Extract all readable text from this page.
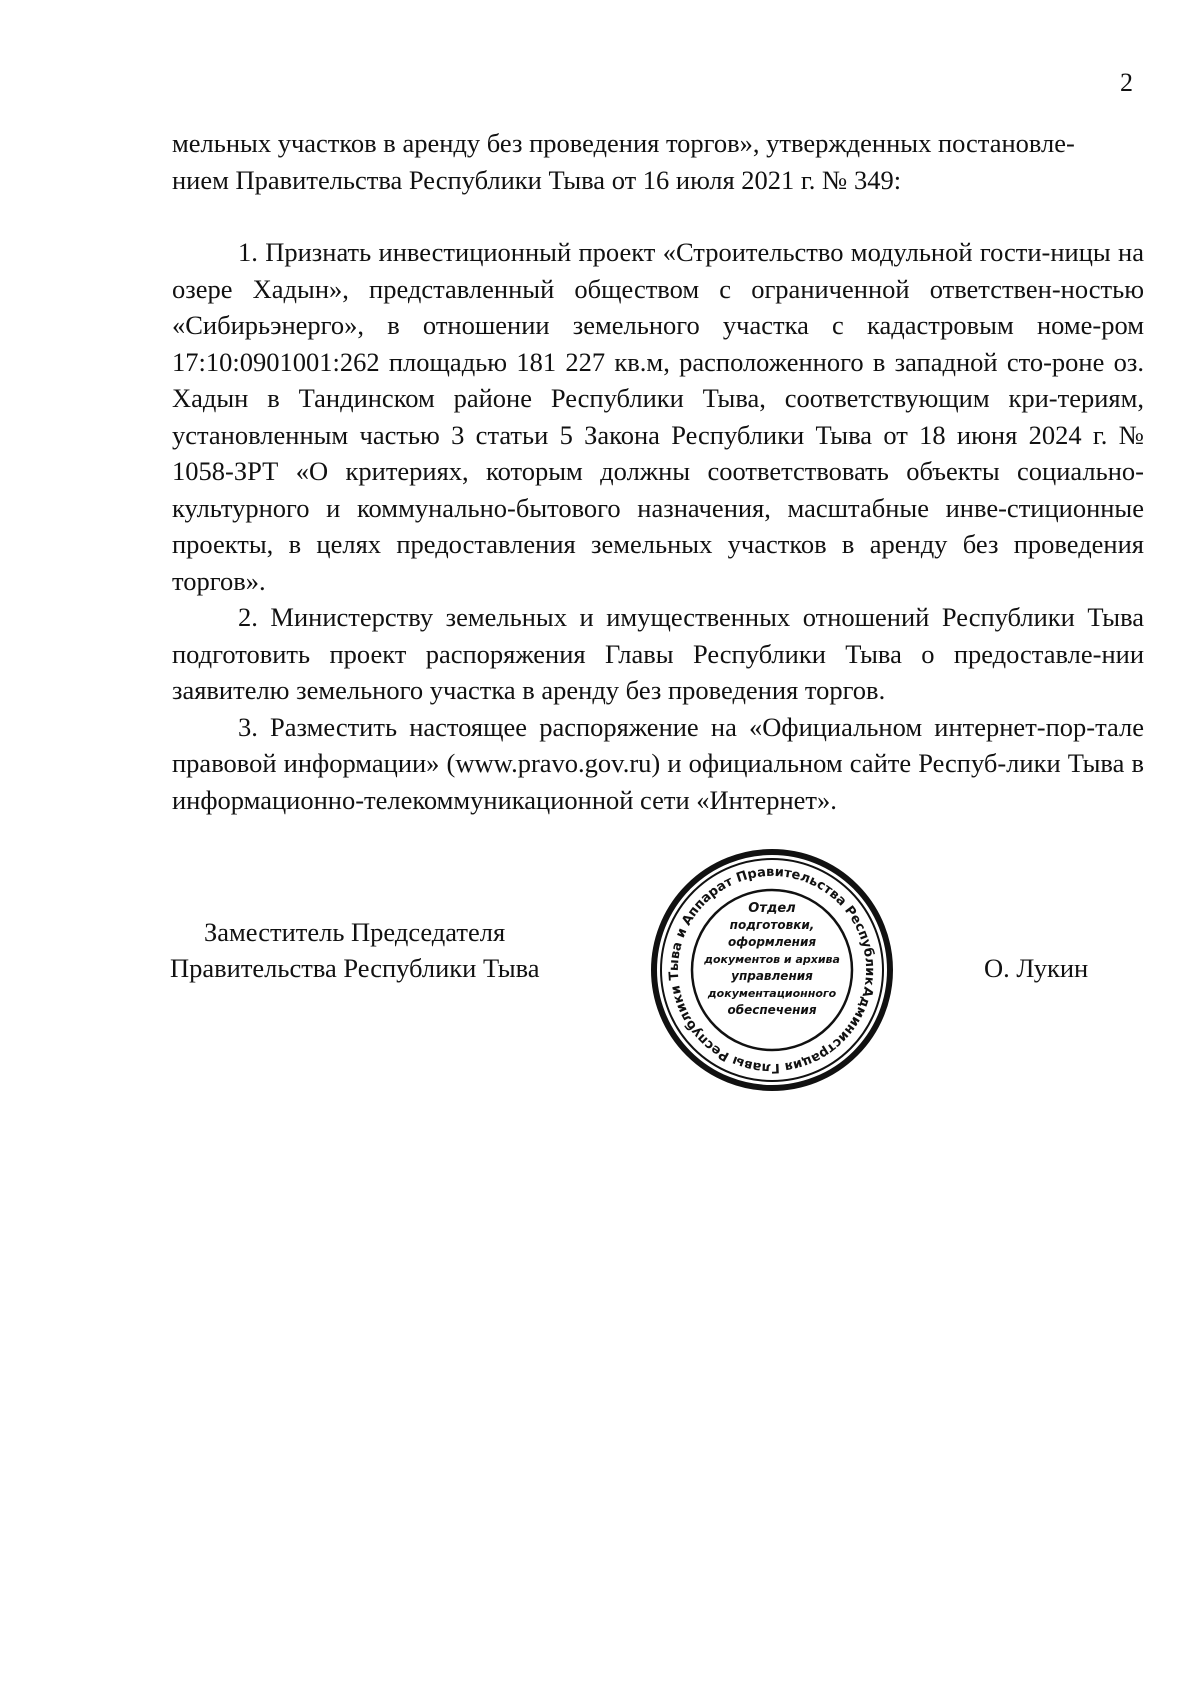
2

мельных участков в аренду без проведения торгов», утвержденных постановле-
нием Правительства Республики Тыва от 16 июля 2021 г. № 349:

1. Признать инвестиционный проект «Строительство модульной гости-ницы на озере Хадын», представленный обществом с ограниченной ответствен-ностью «Сибирьэнерго», в отношении земельного участка с кадастровым номе-ром 17:10:0901001:262 площадью 181 227 кв.м, расположенного в западной сто-роне оз. Хадын в Тандинском районе Республики Тыва, соответствующим кри-териям, установленным частью 3 статьи 5 Закона Республики Тыва от 18 июня 2024 г. № 1058-ЗРТ «О критериях, которым должны соответствовать объекты социально-культурного и коммунально-бытового назначения, масштабные инве-стиционные проекты, в целях предоставления земельных участков в аренду без проведения торгов».

2. Министерству земельных и имущественных отношений Республики Тыва подготовить проект распоряжения Главы Республики Тыва о предоставле-нии заявителю земельного участка в аренду без проведения торгов.

3. Разместить настоящее распоряжение на «Официальном интернет-пор-тале правовой информации» (www.pravo.gov.ru) и официальном сайте Респуб-лики Тыва в информационно-телекоммуникационной сети «Интернет».

Заместитель Председателя
Правительства Республики Тыва	О. Лукин
Администрация Главы Республики Тыва и Аппарат Правительства Республики
Отдел
подготовки,
оформления
документов и архива
управления
документационного
обеспечения
